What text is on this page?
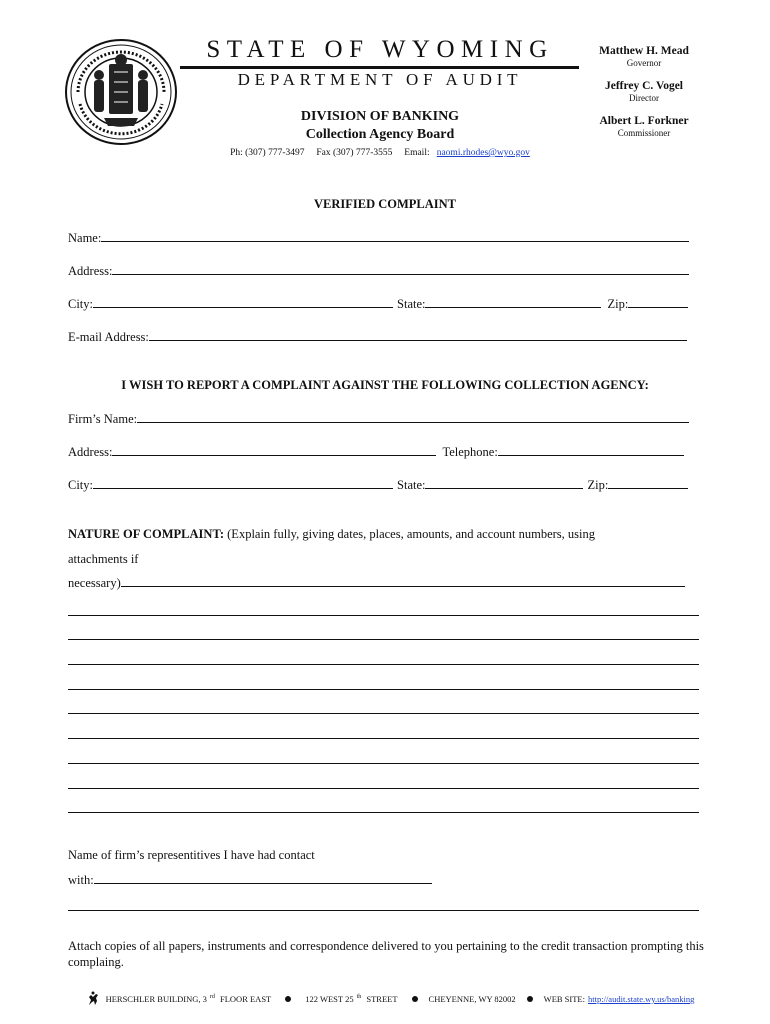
STATE OF WYOMING
DEPARTMENT OF AUDIT
DIVISION OF BANKING
Collection Agency Board
Ph: (307) 777-3497 Fax (307) 777-3555 Email: naomi.rhodes@wyo.gov

Matthew H. Mead

Governor

Jeffrey C. Vogel

Director

Albert L. Forkner

Commissioner

VERIFIED COMPLAINT
Name:
Address:
City:	State:	Zip:
E-mail Address:
I WISH TO REPORT A COMPLAINT AGAINST THE FOLLOWING COLLECTION AGENCY:
Firm’s Name:
Address:	Telephone:
City:	State:	Zip:
NATURE OF COMPLAINT: (Explain fully, giving dates, places, amounts, and account numbers, using
attachments if
necessary)
Name of firm’s representitives I have had contact
with:
Attach copies of all papers, instruments and correspondence delivered to you pertaining to the credit transaction prompting this complaing.
HERSCHLER BUILDING, 3 $^{rd}$ FLOOR EAST	122 WEST 25 $^{th}$ STREET	CHEYENNE, WY 82002	WEB SITE: http://audit.state.wy.us/banking
